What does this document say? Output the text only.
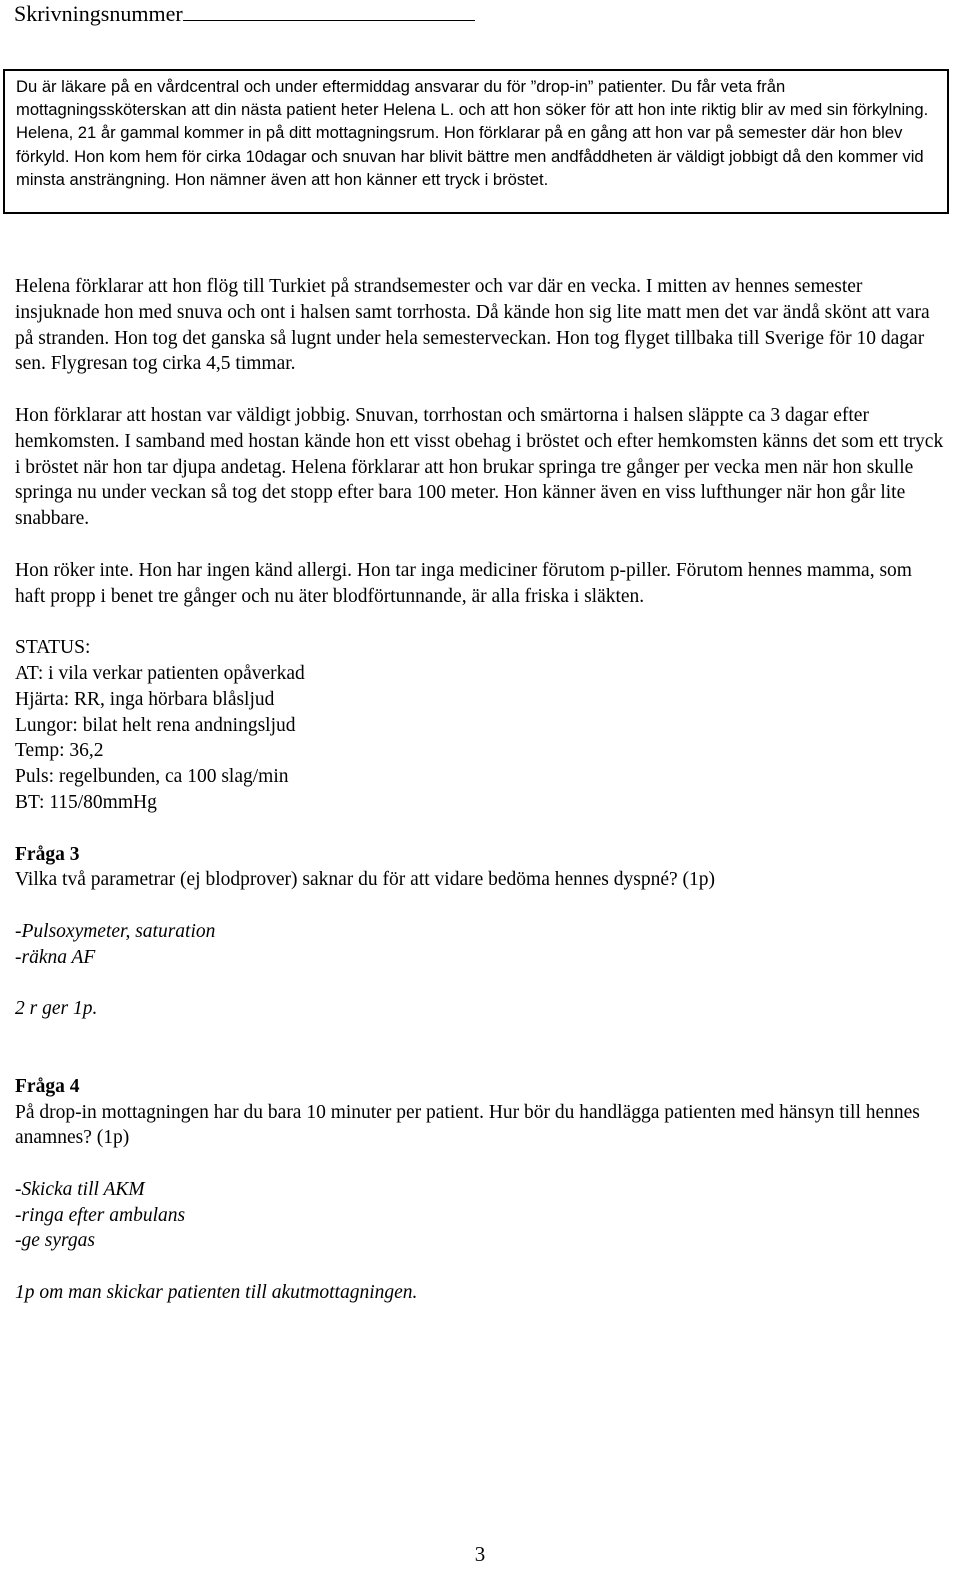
Skrivningsnummer

Du är läkare på en vårdcentral och under eftermiddag ansvarar du för ”drop-in” patienter. Du får veta från mottagningssköterskan att din nästa patient heter Helena L. och att hon söker för att hon inte riktig blir av med sin förkylning.

Helena, 21 år gammal kommer in på ditt mottagningsrum. Hon förklarar på en gång att hon var på semester där hon blev förkyld. Hon kom hem för cirka 10dagar och snuvan har blivit bättre men andfåddheten är väldigt jobbigt då den kommer vid minsta ansträngning. Hon nämner även att hon känner ett tryck i bröstet.

Helena förklarar att hon flög till Turkiet på strandsemester och var där en vecka. I mitten av hennes semester insjuknade hon med snuva och ont i halsen samt torrhosta. Då kände hon sig lite matt men det var ändå skönt att vara på stranden. Hon tog det ganska så lugnt under hela semesterveckan. Hon tog flyget tillbaka till Sverige för 10 dagar sen. Flygresan tog cirka 4,5 timmar.

Hon förklarar att hostan var väldigt jobbig. Snuvan, torrhostan och smärtorna i halsen släppte ca 3 dagar efter hemkomsten. I samband med hostan kände hon ett visst obehag i bröstet och efter hemkomsten känns det som ett tryck i bröstet när hon tar djupa andetag. Helena förklarar att hon brukar springa tre gånger per vecka men när hon skulle springa nu under veckan så tog det stopp efter bara 100 meter. Hon känner även en viss lufthunger när hon går lite snabbare.

Hon röker inte. Hon har ingen känd allergi. Hon tar inga mediciner förutom p-piller. Förutom hennes mamma, som haft propp i benet tre gånger och nu äter blodförtunnande, är alla friska i släkten.

STATUS:

AT: i vila verkar patienten opåverkad

Hjärta: RR, inga hörbara blåsljud

Lungor: bilat helt rena andningsljud

Temp: 36,2

Puls: regelbunden, ca 100 slag/min

BT: 115/80mmHg

Fråga 3

Vilka två parametrar (ej blodprover) saknar du för att vidare bedöma hennes dyspné? (1p)

-Pulsoxymeter, saturation

-räkna AF

2 r ger 1p.

Fråga 4

På drop-in mottagningen har du bara 10 minuter per patient. Hur bör du handlägga patienten med hänsyn till hennes anamnes? (1p)

-Skicka till AKM

-ringa efter ambulans

-ge syrgas

1p om man skickar patienten till akutmottagningen.

3
